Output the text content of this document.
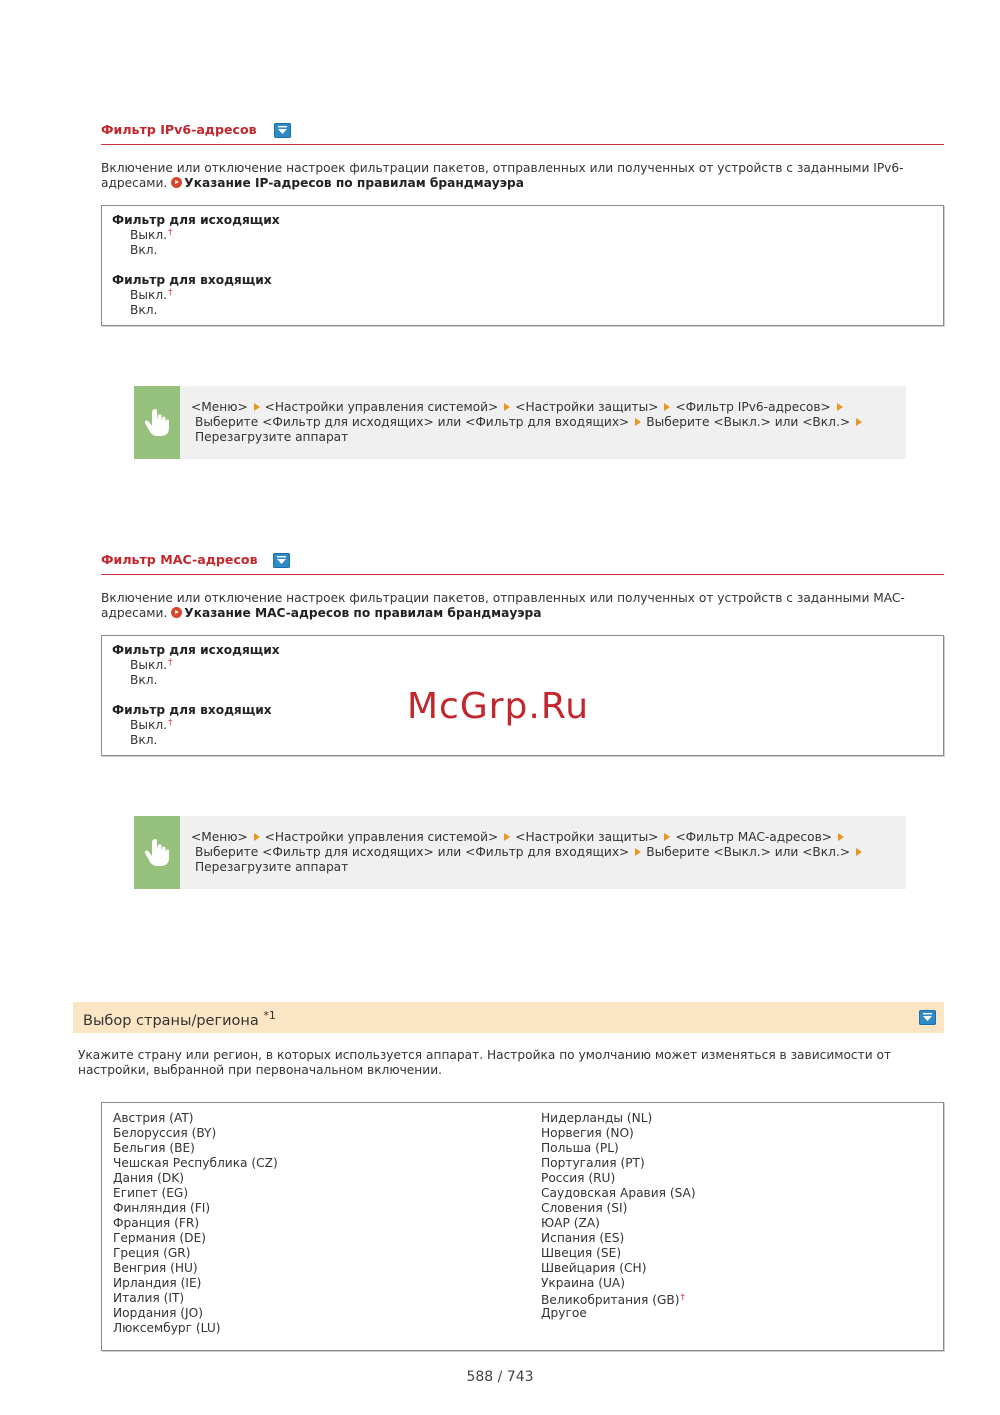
Фильтр IPv6-адресов
Включение или отключение настроек фильтрации пакетов, отправленных или полученных от устройств с заданными IPv6-
адресами. Указание IP-адресов по правилам брандмауэра
Фильтр для исходящих
Выкл.†
Вкл.
Фильтр для входящих
Выкл.†
Вкл.
<Меню> <Настройки управления системой> <Настройки защиты> <Фильтр IPv6-адресов>
Выберите <Фильтр для исходящих> или <Фильтр для входящих> Выберите <Выкл.> или <Вкл.>
Перезагрузите аппарат
Фильтр MAC-адресов
Включение или отключение настроек фильтрации пакетов, отправленных или полученных от устройств с заданными MAC-
адресами. Указание MAC-адресов по правилам брандмауэра
Фильтр для исходящих
Выкл.†
Вкл.
Фильтр для входящих
Выкл.†
Вкл.
McGrp.Ru
<Меню> <Настройки управления системой> <Настройки защиты> <Фильтр MAC-адресов>
Выберите <Фильтр для исходящих> или <Фильтр для входящих> Выберите <Выкл.> или <Вкл.>
Перезагрузите аппарат
Выбор страны/региона $^{*1}$
Укажите страну или регион, в которых используется аппарат. Настройка по умолчанию может изменяться в зависимости от
настройки, выбранной при первоначальном включении.
Австрия (AT)
Белоруссия (BY)
Бельгия (BE)
Чешская Республика (CZ)
Дания (DK)
Египет (EG)
Финляндия (FI)
Франция (FR)
Германия (DE)
Греция (GR)
Венгрия (HU)
Ирландия (IE)
Италия (IT)
Иордания (JO)
Люксембург (LU)
Нидерланды (NL)
Норвегия (NO)
Польша (PL)
Португалия (PT)
Россия (RU)
Саудовская Аравия (SA)
Словения (SI)
ЮАР (ZA)
Испания (ES)
Швеция (SE)
Швейцария (CH)
Украина (UA)
Великобритания (GB)†
Другое
588 / 743
